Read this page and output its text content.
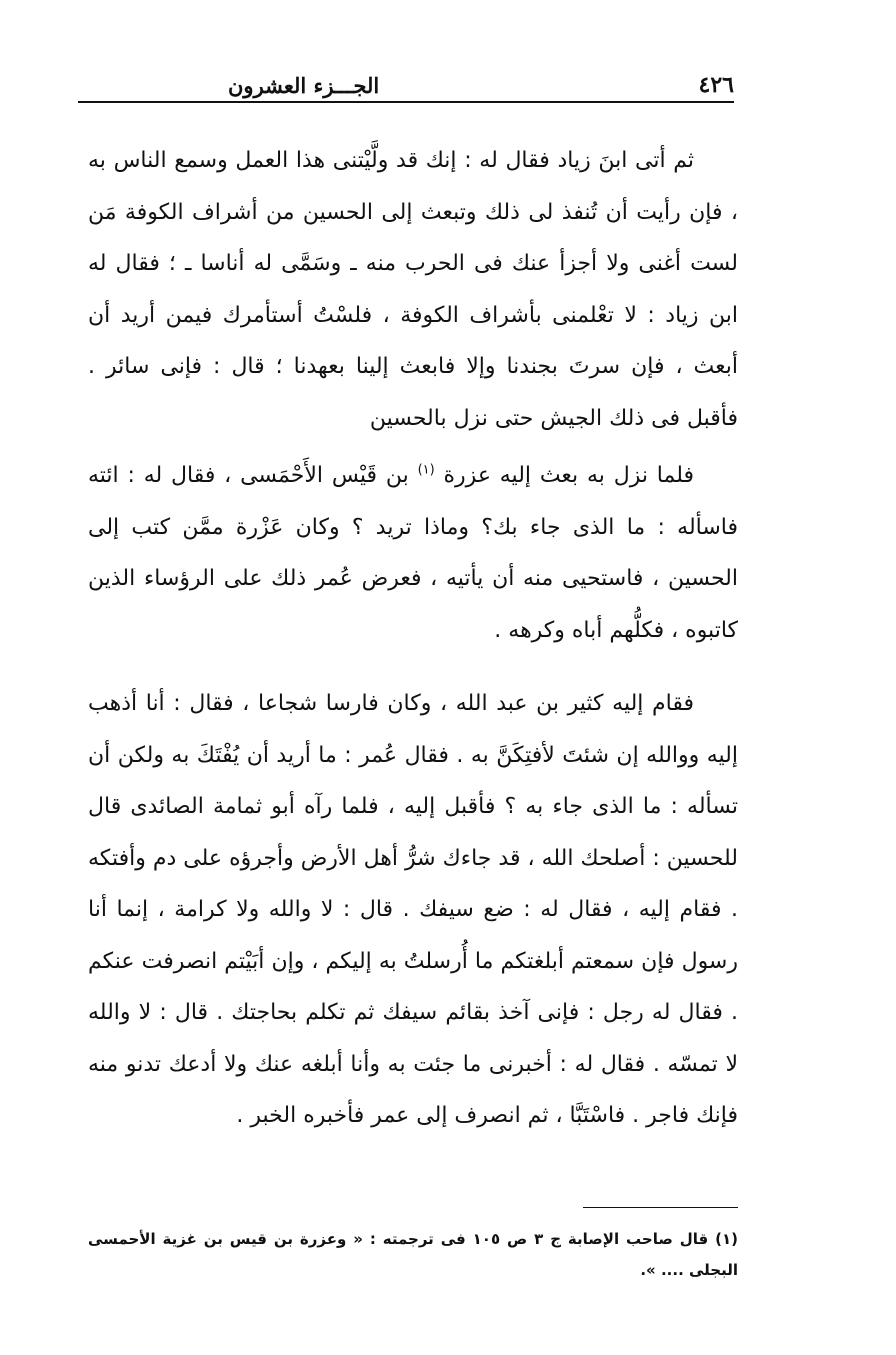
٤٢٦
الجـــزء العشرون

ثم أتى ابنَ زياد فقال له : إنك قد ولَّيْتنى هذا العمل وسمع الناس به ، فإن رأيت أن تُنفذ لى ذلك وتبعث إلى الحسين من أشراف الكوفة مَن لست أغنى ولا أجزأ عنك فى الحرب منه ـ وسَمَّى له أناسا ـ ؛ فقال له ابن زياد : لا تعْلمنى بأشراف الكوفة ، فلسْتُ أستأمرك فيمن أريد أن أبعث ، فإن سرتَ بجندنا وإلا فابعث إلينا بعهدنا ؛ قال : فإنى سائر . فأقبل فى ذلك الجيش حتى نزل بالحسين

فلما نزل به بعث إليه عزرة $^{(١)}$ بن قَيْس الأَحْمَسى ، فقال له : ائته فاسأله : ما الذى جاء بك؟ وماذا تريد ؟ وكان عَزْرة ممَّن كتب إلى الحسين ، فاستحيى منه أن يأتيه ، فعرض عُمر ذلك على الرؤساء الذين كاتبوه ، فكلُّهم أباه وكرهه .

فقام إليه كثير بن عبد الله ، وكان فارسا شجاعا ، فقال : أنا أذهب إليه ووالله إن شئتَ لأفتِكَنَّ به . فقال عُمر : ما أريد أن يُفْتَكَ به ولكن أن تسأله : ما الذى جاء به ؟ فأقبل إليه ، فلما رآه أبو ثمامة الصائدى قال للحسين : أصلحك الله ، قد جاءك شرُّ أهل الأرض وأجرؤه على دم وأفتكه . فقام إليه ، فقال له : ضع سيفك . قال : لا والله ولا كرامة ، إنما أنا رسول فإن سمعتم أبلغتكم ما أُرسلتُ به إليكم ، وإن أبَيْتم انصرفت عنكم . فقال له رجل : فإنى آخذ بقائم سيفك ثم تكلم بحاجتك . قال : لا والله لا تمسّه . فقال له : أخبرنى ما جئت به وأنا أبلغه عنك ولا أدعك تدنو منه فإنك فاجر . فاسْتَبَّا ، ثم انصرف إلى عمر فأخبره الخبر .

(١) قال صاحب الإصابة ج ٣ ص ١٠٥ فى ترجمته : « وعزرة بن قيس بن غزية الأحمسى البجلى .... ».
